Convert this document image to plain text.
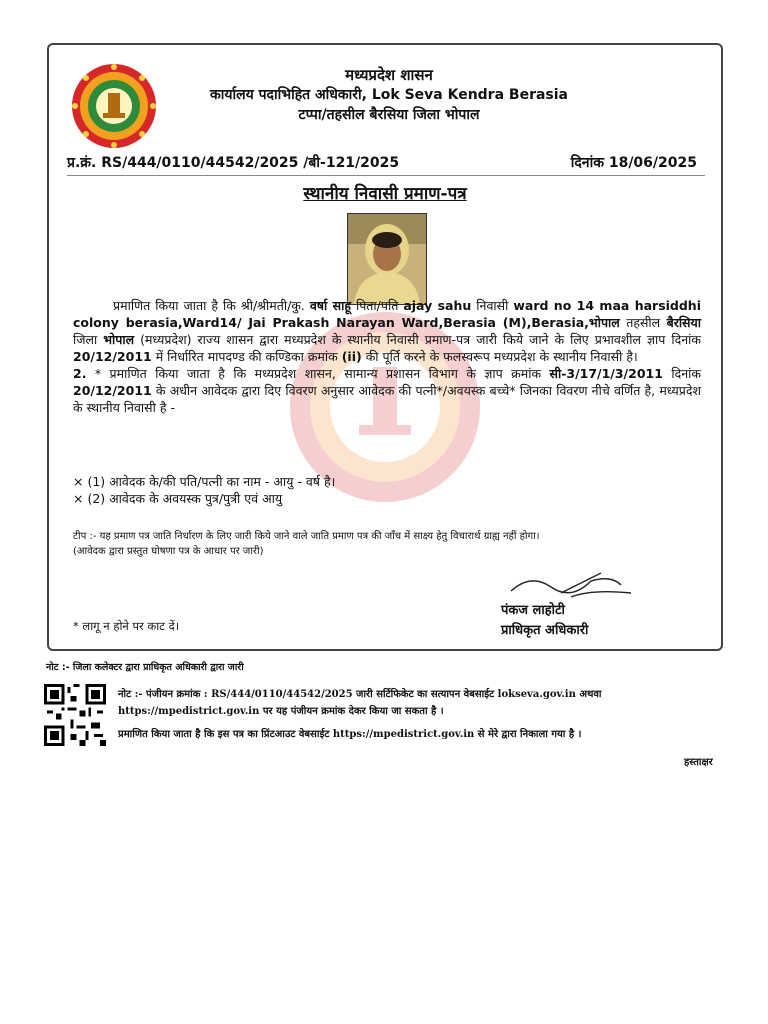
मध्यप्रदेश शासन
कार्यालय पदाभिहित अधिकारी, Lok Seva Kendra Berasia
टप्पा/तहसील बैरसिया जिला भोपाल
प्र.क्रं. RS/444/0110/44542/2025 /बी-121/2025	दिनांक 18/06/2025
स्थानीय निवासी प्रमाण-पत्र

प्रमाणित किया जाता है कि श्री/श्रीमती/कु. वर्षा साहू पिता/पति ajay sahu निवासी ward no 14 maa harsiddhi colony berasia,Ward14/ Jai Prakash Narayan Ward,Berasia (M),Berasia,भोपाल तहसील बैरसिया जिला भोपाल (मध्यप्रदेश) राज्य शासन द्वारा मध्यप्रदेश के स्थानीय निवासी प्रमाण-पत्र जारी किये जाने के लिए प्रभावशील ज्ञाप दिनांक 20/12/2011 में निर्धारित मापदण्ड की कण्डिका क्रमांक (ii) की पूर्ति करने के फलस्वरूप मध्यप्रदेश के स्थानीय निवासी है।

2. * प्रमाणित किया जाता है कि मध्यप्रदेश शासन, सामान्य प्रशासन विभाग के ज्ञाप क्रमांक सी-3/17/1/3/2011 दिनांक 20/12/2011 के अधीन आवेदक द्वारा दिए विवरण अनुसार आवेदक की पत्नी*/अवयस्क बच्चे* जिनका विवरण नीचे वर्णित है, मध्यप्रदेश के स्थानीय निवासी है -

× (1) आवेदक के/की पति/पत्नी का नाम - आयु - वर्ष है।
× (2) आवेदक के अवयस्क पुत्र/पुत्री एवं आयु
टीप :- यह प्रमाण पत्र जाति निर्धारण के लिए जारी किये जाने वाले जाति प्रमाण पत्र की जाँच में साक्ष्य हेतु विचारार्थ ग्राह्य नहीं होगा।
(आवेदक द्वारा प्रस्तुत घोषणा पत्र के आधार पर जारी)
पंकज लाहोटी
प्राधिकृत अधिकारी
* लागू न होने पर काट दें।
नोट :- जिला कलेक्टर द्वारा प्राधिकृत अधिकारी द्वारा जारी
नोट :- पंजीयन क्रमांक : RS/444/0110/44542/2025 जारी सर्टिफिकेट का सत्यापन वेबसाईट lokseva.gov.in अथवा https://mpedistrict.gov.in पर यह पंजीयन क्रमांक देकर किया जा सकता है ।
प्रमाणित किया जाता है कि इस पत्र का प्रिंटआउट वेबसाईट https://mpedistrict.gov.in से मेरे द्वारा निकाला गया है ।
हस्ताक्षर
